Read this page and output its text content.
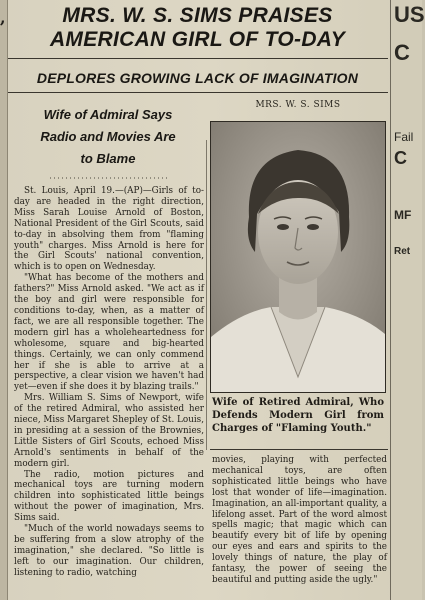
,	MRS. W. S. SIMS PRAISES
AMERICAN GIRL OF TO-DAY
DEPLORES GROWING LACK OF IMAGINATION
Wife of Admiral Says
Radio and Movies Are
to Blame

St. Louis, April 19.—(AP)—Girls of to-day are headed in the right direction, Miss Sarah Louise Arnold of Boston, National President of the Girl Scouts, said to-day in absolving them from "flaming youth" charges. Miss Arnold is here for the Girl Scouts' national convention, which is to open on Wednesday.

"What has become of the mothers and fathers?" Miss Arnold asked. "We act as if the boy and girl were responsible for conditions to-day, when, as a matter of fact, we are all responsible together. The modern girl has a wholeheartedness for wholesome, square and big-hearted things. Certainly, we can only commend her if she is able to arrive at a perspective, a clear vision we haven't had yet—even if she does it by blazing trails."

Mrs. William S. Sims of Newport, wife of the retired Admiral, who assisted her niece, Miss Margaret Shepley of St. Louis, in presiding at a session of the Brownies, Little Sisters of Girl Scouts, echoed Miss Arnold's sentiments in behalf of the modern girl.

The radio, motion pictures and mechanical toys are turning modern children into sophisticated little beings without the power of imagination, Mrs. Sims said.

"Much of the world nowadays seems to be suffering from a slow atrophy of the imagination," she declared. "So little is left to our imagination. Our children, listening to radio, watching

MRS. W. S. SIMS
Wife of Retired Admiral, Who Defends Modern Girl from Charges of "Flaming Youth."

movies, playing with perfected mechanical toys, are often sophisticated little beings who have lost that wonder of life—imagination. Imagination, an all-important quality, a lifelong asset. Part of the word almost spells magic; that magic which can beautify every bit of life by opening our eyes and ears and spirits to the lovely things of nature, the play of fantasy, the power of seeing the beautiful and putting aside the ugly."

US
C
Fail
C
MF
Ret
